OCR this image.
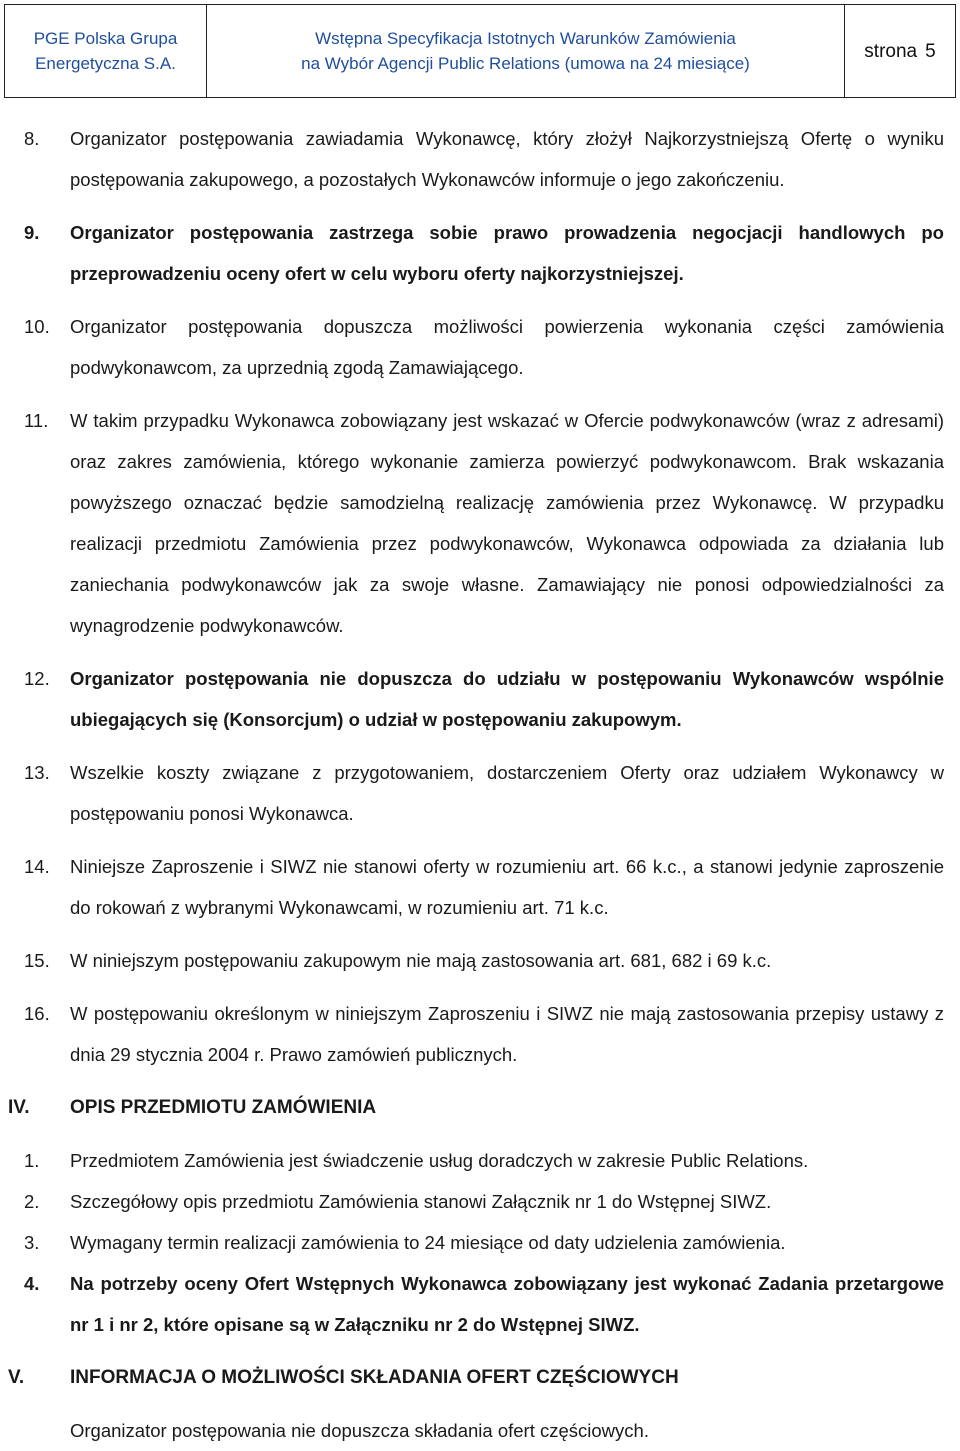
PGE Polska Grupa
Energetyczna S.A.
Wstępna Specyfikacja Istotnych Warunków Zamówienia
na Wybór Agencji Public Relations (umowa na 24 miesiące)
strona 5
8. Organizator postępowania zawiadamia Wykonawcę, który złożył Najkorzystniejszą Ofertę o wyniku postępowania zakupowego, a pozostałych Wykonawców informuje o jego zakończeniu.
9. Organizator postępowania zastrzega sobie prawo prowadzenia negocjacji handlowych po przeprowadzeniu oceny ofert w celu wyboru oferty najkorzystniejszej.
10. Organizator postępowania dopuszcza możliwości powierzenia wykonania części zamówienia podwykonawcom, za uprzednią zgodą Zamawiającego.
11. W takim przypadku Wykonawca zobowiązany jest wskazać w Ofercie podwykonawców (wraz z adresami) oraz zakres zamówienia, którego wykonanie zamierza powierzyć podwykonawcom. Brak wskazania powyższego oznaczać będzie samodzielną realizację zamówienia przez Wykonawcę. W przypadku realizacji przedmiotu Zamówienia przez podwykonawców, Wykonawca odpowiada za działania lub zaniechania podwykonawców jak za swoje własne. Zamawiający nie ponosi odpowiedzialności za wynagrodzenie podwykonawców.
12. Organizator postępowania nie dopuszcza do udziału w postępowaniu Wykonawców wspólnie ubiegających się (Konsorcjum) o udział w postępowaniu zakupowym.
13. Wszelkie koszty związane z przygotowaniem, dostarczeniem Oferty oraz udziałem Wykonawcy w postępowaniu ponosi Wykonawca.
14. Niniejsze Zaproszenie i SIWZ nie stanowi oferty w rozumieniu art. 66 k.c., a stanowi jedynie zaproszenie do rokowań z wybranymi Wykonawcami, w rozumieniu art. 71 k.c.
15. W niniejszym postępowaniu zakupowym nie mają zastosowania art. 681, 682 i 69 k.c.
16. W postępowaniu określonym w niniejszym Zaproszeniu i SIWZ nie mają zastosowania przepisy ustawy z dnia 29 stycznia 2004 r. Prawo zamówień publicznych.
IV. OPIS PRZEDMIOTU ZAMÓWIENIA
1. Przedmiotem Zamówienia jest świadczenie usług doradczych w zakresie Public Relations.
2. Szczegółowy opis przedmiotu Zamówienia stanowi Załącznik nr 1 do Wstępnej SIWZ.
3. Wymagany termin realizacji zamówienia to 24 miesiące od daty udzielenia zamówienia.
4. Na potrzeby oceny Ofert Wstępnych Wykonawca zobowiązany jest wykonać Zadania przetargowe nr 1 i nr 2, które opisane są w Załączniku nr 2 do Wstępnej SIWZ.
V. INFORMACJA O MOŻLIWOŚCI SKŁADANIA OFERT CZĘŚCIOWYCH
Organizator postępowania nie dopuszcza składania ofert częściowych.
